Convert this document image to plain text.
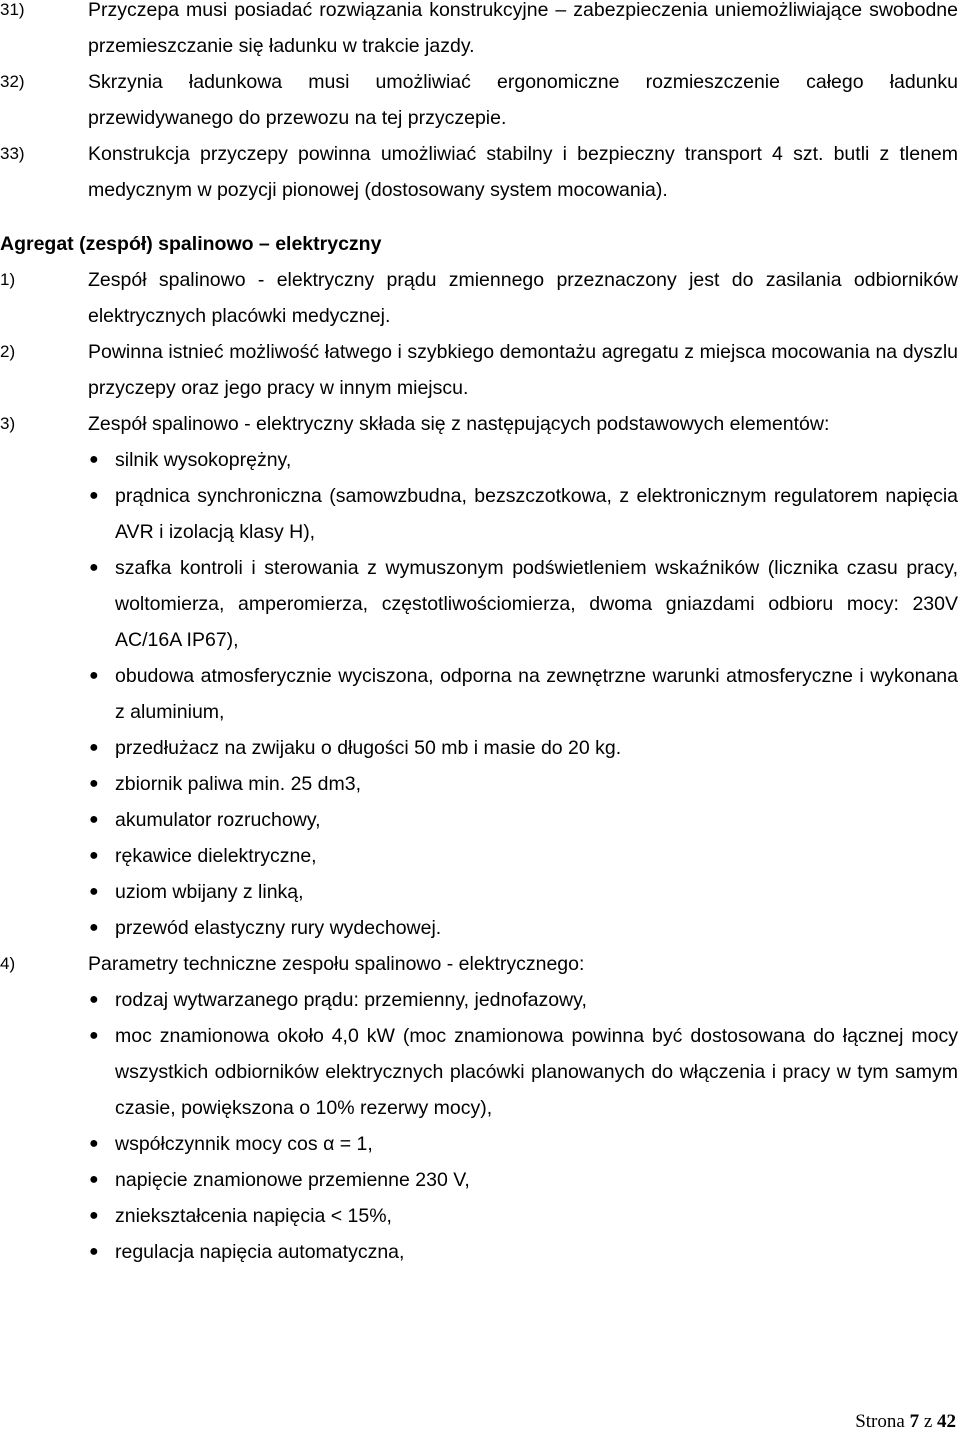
31)	Przyczepa musi posiadać rozwiązania konstrukcyjne – zabezpieczenia uniemożliwiające swobodne przemieszczanie się ładunku w trakcie jazdy.
32)	Skrzynia ładunkowa musi umożliwiać ergonomiczne rozmieszczenie całego ładunku przewidywanego do przewozu na tej przyczepie.
33)	Konstrukcja przyczepy powinna umożliwiać stabilny i bezpieczny transport 4 szt. butli z tlenem medycznym w pozycji pionowej (dostosowany system mocowania).
Agregat (zespół) spalinowo – elektryczny
1)	Zespół spalinowo - elektryczny prądu zmiennego przeznaczony jest do zasilania odbiorników elektrycznych placówki medycznej.
2)	Powinna istnieć możliwość łatwego i szybkiego demontażu agregatu z miejsca mocowania na dyszlu przyczepy oraz jego pracy w innym miejscu.
3)	Zespół spalinowo - elektryczny składa się z następujących podstawowych elementów:
● silnik wysokoprężny,
● prądnica synchroniczna (samowzbudna, bezszczotkowa, z elektronicznym regulatorem napięcia AVR i izolacją klasy H),
● szafka kontroli i sterowania z wymuszonym podświetleniem wskaźników (licznika czasu pracy, woltomierza, amperomierza, częstotliwościomierza, dwoma gniazdami odbioru mocy: 230V AC/16A IP67),
● obudowa atmosferycznie wyciszona, odporna na zewnętrzne warunki atmosferyczne i wykonana z aluminium,
● przedłużacz na zwijaku o długości 50 mb i masie do 20 kg.
● zbiornik paliwa min. 25 dm3,
● akumulator rozruchowy,
● rękawice dielektryczne,
● uziom wbijany z linką,
● przewód elastyczny rury wydechowej.
4)	Parametry techniczne zespołu spalinowo - elektrycznego:
● rodzaj wytwarzanego prądu: przemienny, jednofazowy,
● moc znamionowa około 4,0 kW (moc znamionowa powinna być dostosowana do łącznej mocy wszystkich odbiorników elektrycznych placówki planowanych do włączenia i pracy w tym samym czasie, powiększona o 10% rezerwy mocy),
● współczynnik mocy cos α = 1,
● napięcie znamionowe przemienne 230 V,
● zniekształcenia napięcia < 15%,
● regulacja napięcia automatyczna,
Strona 7 z 42
